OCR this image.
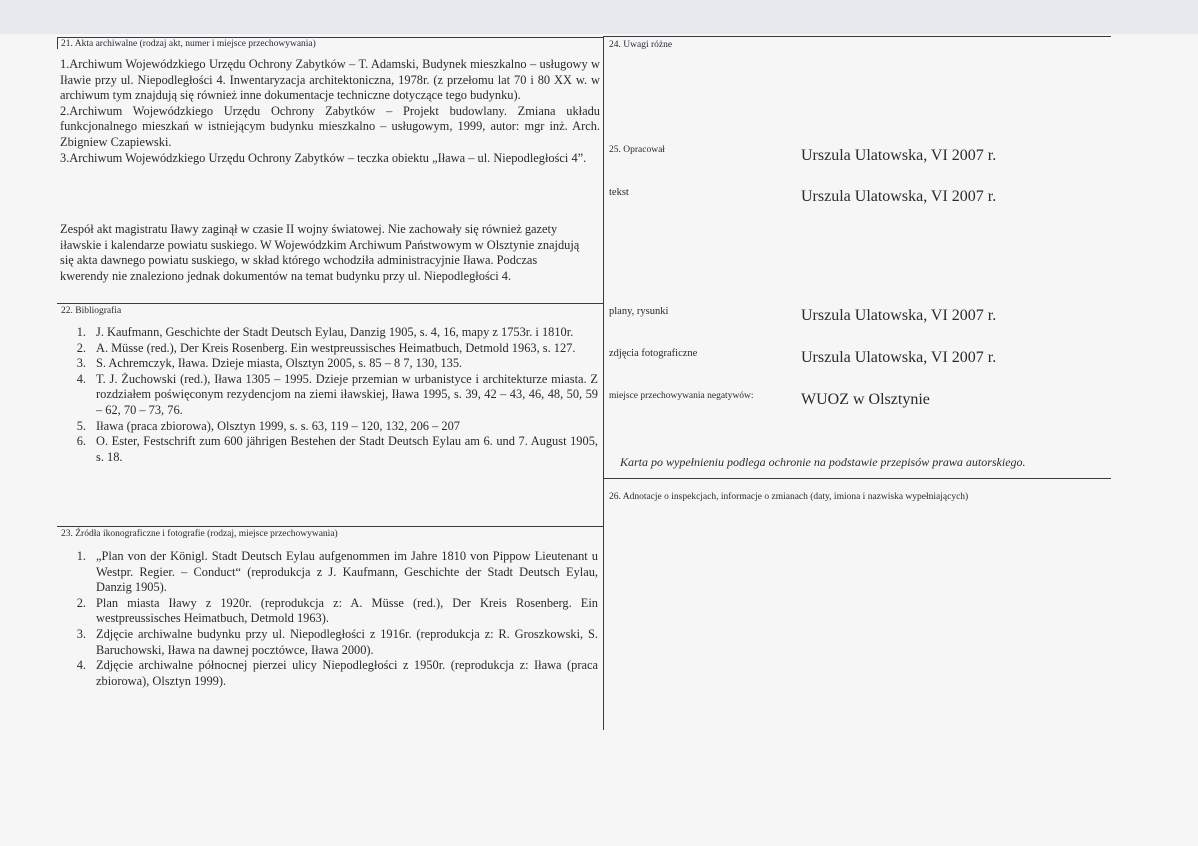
21. Akta archiwalne (rodzaj akt, numer i miejsce przechowywania)

1.Archiwum Wojewódzkiego Urzędu Ochrony Zabytków – T. Adamski, Budynek mieszkalno – usługowy w Iławie przy ul. Niepodległości 4. Inwentaryzacja architektoniczna, 1978r. (z przełomu lat 70 i 80 XX w. w archiwum tym znajdują się również inne dokumentacje techniczne dotyczące tego budynku).

2.Archiwum Wojewódzkiego Urzędu Ochrony Zabytków – Projekt budowlany. Zmiana układu funkcjonalnego mieszkań w istniejącym budynku mieszkalno – usługowym, 1999, autor: mgr inż. Arch. Zbigniew Czapiewski.

3.Archiwum Wojewódzkiego Urzędu Ochrony Zabytków – teczka obiektu „Iława – ul. Niepodległości 4”.

Zespół akt magistratu Iławy zaginął w czasie II wojny światowej. Nie zachowały się również gazety iławskie i kalendarze powiatu suskiego. W Wojewódzkim Archiwum Państwowym w Olsztynie znajdują się akta dawnego powiatu suskiego, w skład którego wchodziła administracyjnie Iława. Podczas kwerendy nie znaleziono jednak dokumentów na temat budynku przy ul. Niepodległości 4.
22. Bibliografia
1. J. Kaufmann, Geschichte der Stadt Deutsch Eylau, Danzig 1905, s. 4, 16, mapy z 1753r. i 1810r.
2. A. Müsse (red.), Der Kreis Rosenberg. Ein westpreussisches Heimatbuch, Detmold 1963, s. 127.
3. S. Achremczyk, Iława. Dzieje miasta, Olsztyn 2005, s. 85 – 8 7, 130, 135.
4. T. J. Żuchowski (red.), Iława 1305 – 1995. Dzieje przemian w urbanistyce i architekturze miasta. Z rozdziałem poświęconym rezydencjom na ziemi iławskiej, Iława 1995, s. 39, 42 – 43, 46, 48, 50, 59 – 62, 70 – 73, 76.
5. Iława (praca zbiorowa), Olsztyn 1999, s. s. 63, 119 – 120, 132, 206 – 207
6. O. Ester, Festschrift zum 600 jährigen Bestehen der Stadt Deutsch Eylau am 6. und 7. August 1905, s. 18.
23. Źródła ikonograficzne i fotografie (rodzaj, miejsce przechowywania)
1. „Plan von der Königl. Stadt Deutsch Eylau aufgenommen im Jahre 1810 von Pippow Lieutenant u Westpr. Regier. – Conduct“ (reprodukcja z J. Kaufmann, Geschichte der Stadt Deutsch Eylau, Danzig 1905).
2. Plan miasta Iławy z 1920r. (reprodukcja z: A. Müsse (red.), Der Kreis Rosenberg. Ein westpreussisches Heimatbuch, Detmold 1963).
3. Zdjęcie archiwalne budynku przy ul. Niepodległości z 1916r. (reprodukcja z: R. Groszkowski, S. Baruchowski, Iława na dawnej pocztówce, Iława 2000).
4. Zdjęcie archiwalne północnej pierzei ulicy Niepodległości z 1950r. (reprodukcja z: Iława (praca zbiorowa), Olsztyn 1999).
24. Uwagi różne
25. Opracował	Urszula Ulatowska, VI 2007 r.
tekst	Urszula Ulatowska, VI 2007 r.
plany, rysunki	Urszula Ulatowska, VI 2007 r.
zdjęcia fotograficzne	Urszula Ulatowska, VI 2007 r.
miejsce przechowywania negatywów:	WUOZ w Olsztynie
Karta po wypełnieniu podlega ochronie na podstawie przepisów prawa autorskiego.
26. Adnotacje o inspekcjach, informacje o zmianach (daty, imiona i nazwiska wypełniających)
